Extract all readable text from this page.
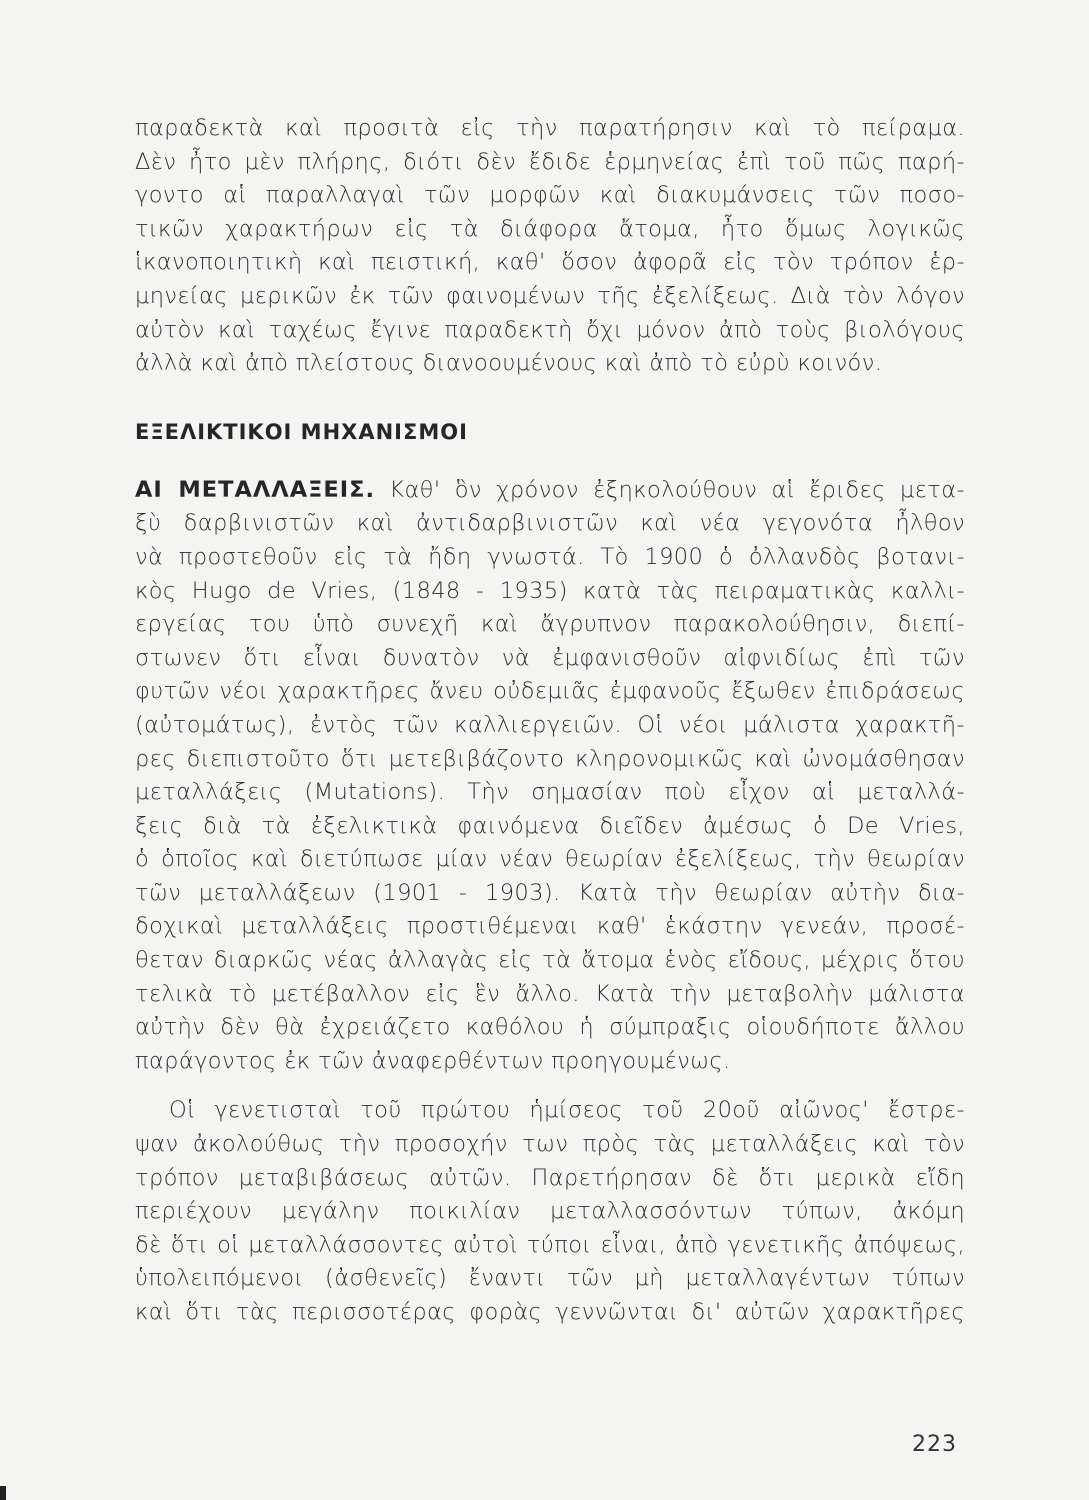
παραδεκτὰ καὶ προσιτὰ εἰς τὴν παρατήρησιν καὶ τὸ πείραμα.
Δὲν ἦτο μὲν πλήρης, διότι δὲν ἔδιδε ἑρμηνείας ἐπὶ τοῦ πῶς παρή-
γοντο αἱ παραλλαγαὶ τῶν μορφῶν καὶ διακυμάνσεις τῶν ποσο-
τικῶν χαρακτήρων εἰς τὰ διάφορα ἄτομα, ἦτο ὅμως λογικῶς
ἱκανοποιητικὴ καὶ πειστική, καθ' ὅσον ἀφορᾶ εἰς τὸν τρόπον ἑρ-
μηνείας μερικῶν ἐκ τῶν φαινομένων τῆς ἐξελίξεως. Διὰ τὸν λόγον
αὐτὸν καὶ ταχέως ἔγινε παραδεκτὴ ὄχι μόνον ἀπὸ τοὺς βιολόγους
ἀλλὰ καὶ ἀπὸ πλείστους διανοουμένους καὶ ἀπὸ τὸ εὐρὺ κοινόν.
ΕΞΕΛΙΚΤΙΚΟΙ ΜΗΧΑΝΙΣΜΟΙ
ΑΙ ΜΕΤΑΛΛΑΞΕΙΣ. Καθ' ὃν χρόνον ἐξηκολούθουν αἱ ἔριδες μετα-
ξὺ δαρβινιστῶν καὶ ἀντιδαρβινιστῶν καὶ νέα γεγονότα ἦλθον
νὰ προστεθοῦν εἰς τὰ ἤδη γνωστά. Τὸ 1900 ὁ ὀλλανδὸς βοτανι-
κὸς Hugo de Vries, (1848 - 1935) κατὰ τὰς πειραματικὰς καλλι-
εργείας του ὑπὸ συνεχῆ καὶ ἄγρυπνον παρακολούθησιν, διεπί-
στωνεν ὅτι εἶναι δυνατὸν νὰ ἐμφανισθοῦν αἰφνιδίως ἐπὶ τῶν
φυτῶν νέοι χαρακτῆρες ἄνευ οὐδεμιᾶς ἐμφανοῦς ἔξωθεν ἐπιδράσεως
(αὐτομάτως), ἐντὸς τῶν καλλιεργειῶν. Οἱ νέοι μάλιστα χαρακτῆ-
ρες διεπιστοῦτο ὅτι μετεβιβάζοντο κληρονομικῶς καὶ ὠνομάσθησαν
μεταλλάξεις (Mutations). Τὴν σημασίαν ποὺ εἶχον αἱ μεταλλά-
ξεις διὰ τὰ ἐξελικτικὰ φαινόμενα διεῖδεν ἀμέσως ὁ De Vries,
ὁ ὁποῖος καὶ διετύπωσε μίαν νέαν θεωρίαν ἐξελίξεως, τὴν θεωρίαν
τῶν μεταλλάξεων (1901 - 1903). Κατὰ τὴν θεωρίαν αὐτὴν δια-
δοχικαὶ μεταλλάξεις προστιθέμεναι καθ' ἑκάστην γενεάν, προσέ-
θεταν διαρκῶς νέας ἀλλαγὰς εἰς τὰ ἄτομα ἑνὸς εἴδους, μέχρις ὅτου
τελικὰ τὸ μετέβαλλον εἰς ἓν ἄλλο. Κατὰ τὴν μεταβολὴν μάλιστα
αὐτὴν δὲν θὰ ἐχρειάζετο καθόλου ἡ σύμπραξις οἱουδήποτε ἄλλου
παράγοντος ἐκ τῶν ἀναφερθέντων προηγουμένως.
Οἱ γενετισταὶ τοῦ πρώτου ἡμίσεος τοῦ 20οῦ αἰῶνος' ἔστρε-
ψαν ἀκολούθως τὴν προσοχήν των πρὸς τὰς μεταλλάξεις καὶ τὸν
τρόπον μεταβιβάσεως αὐτῶν. Παρετήρησαν δὲ ὅτι μερικὰ εἴδη
περιέχουν μεγάλην ποικιλίαν μεταλλασσόντων τύπων, ἀκόμη
δὲ ὅτι οἱ μεταλλάσσοντες αὐτοὶ τύποι εἶναι, ἀπὸ γενετικῆς ἀπόψεως,
ὑπολειπόμενοι (ἀσθενεῖς) ἔναντι τῶν μὴ μεταλλαγέντων τύπων
καὶ ὅτι τὰς περισσοτέρας φορὰς γεννῶνται δι' αὐτῶν χαρακτῆρες
223
